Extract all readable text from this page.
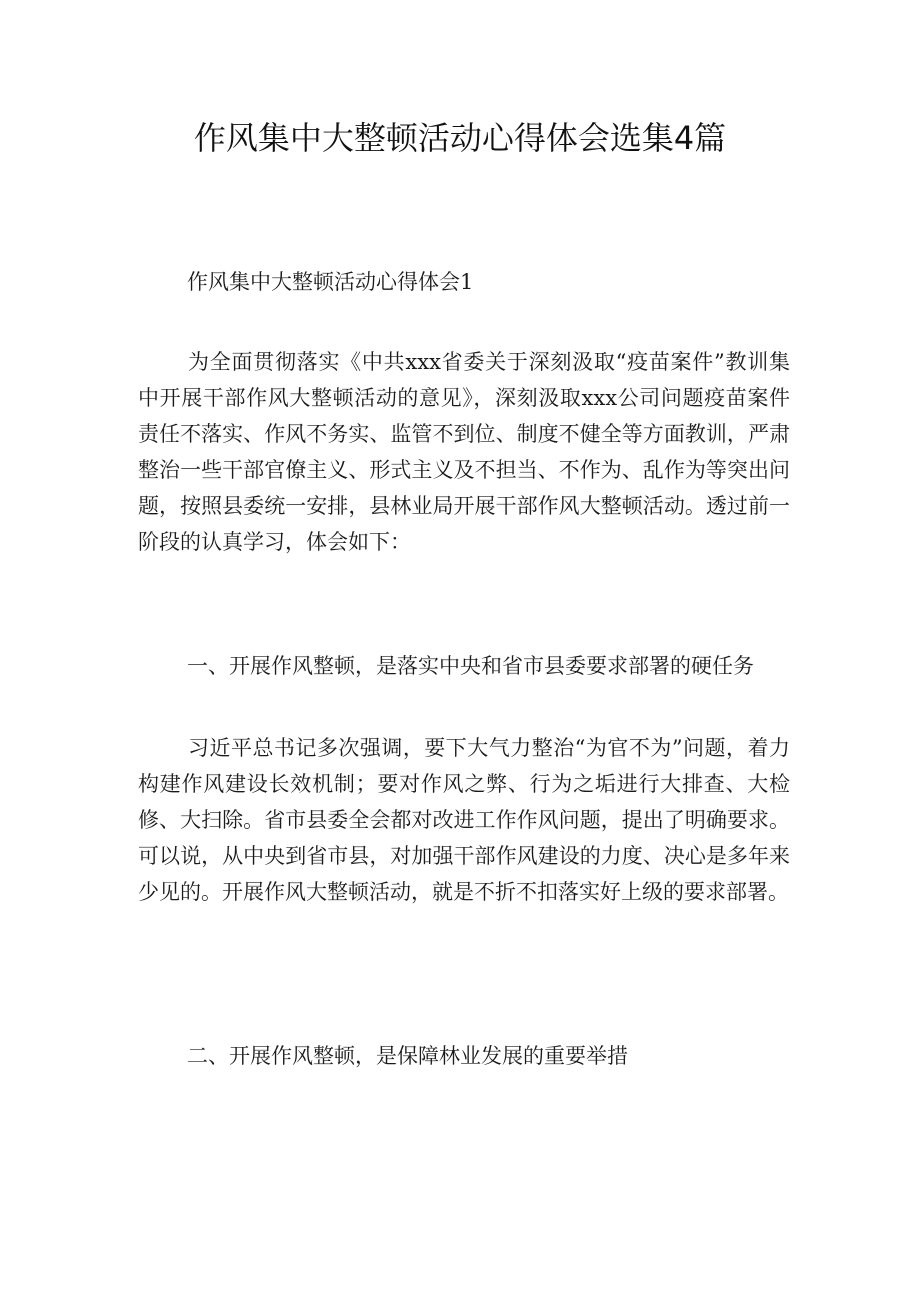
作风集中大整顿活动心得体会选集4篇

作风集中大整顿活动心得体会1

为全面贯彻落实《中共xxx省委关于深刻汲取“疫苗案件”教训集中开展干部作风大整顿活动的意见》，深刻汲取xxx公司问题疫苗案件责任不落实、作风不务实、监管不到位、制度不健全等方面教训，严肃整治一些干部官僚主义、形式主义及不担当、不作为、乱作为等突出问题，按照县委统一安排，县林业局开展干部作风大整顿活动。透过前一阶段的认真学习，体会如下：

一、开展作风整顿，是落实中央和省市县委要求部署的硬任务

习近平总书记多次强调，要下大气力整治“为官不为”问题，着力构建作风建设长效机制；要对作风之弊、行为之垢进行大排查、大检修、大扫除。省市县委全会都对改进工作作风问题，提出了明确要求。可以说，从中央到省市县，对加强干部作风建设的力度、决心是多年来少见的。开展作风大整顿活动，就是不折不扣落实好上级的要求部署。

二、开展作风整顿，是保障林业发展的重要举措
